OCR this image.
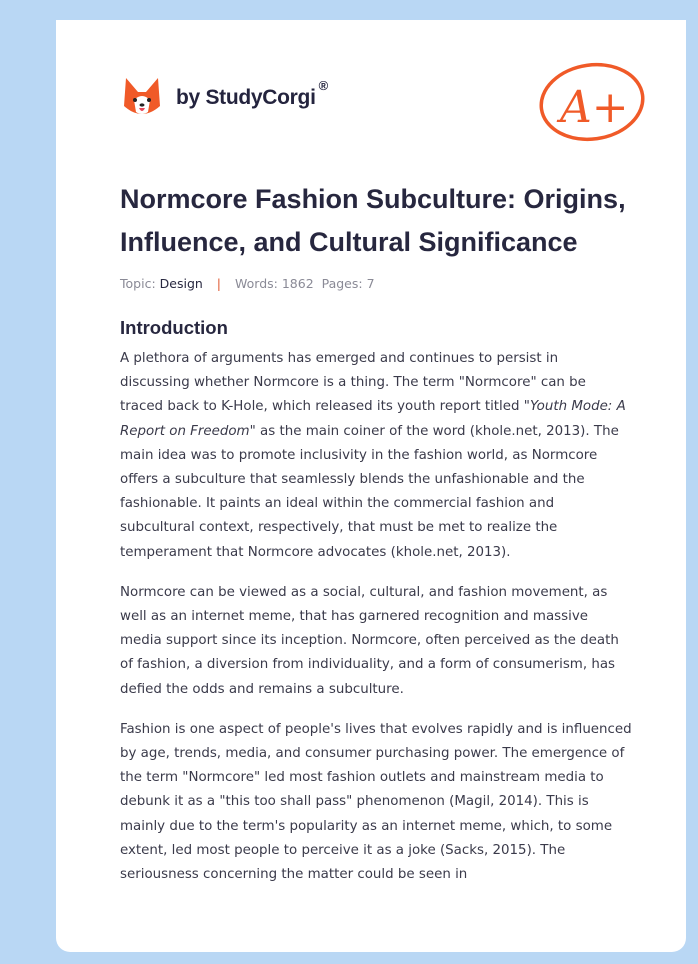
by StudyCorgi®	A+
Normcore Fashion Subculture: Origins, Influence, and Cultural Significance
Topic: Design | Words: 1862 Pages: 7
Introduction

A plethora of arguments has emerged and continues to persist in discussing whether Normcore is a thing. The term "Normcore" can be traced back to K-Hole, which released its youth report titled "Youth Mode: A Report on Freedom" as the main coiner of the word (khole.net, 2013). The main idea was to promote inclusivity in the fashion world, as Normcore offers a subculture that seamlessly blends the unfashionable and the fashionable. It paints an ideal within the commercial fashion and subcultural context, respectively, that must be met to realize the temperament that Normcore advocates (khole.net, 2013).

Normcore can be viewed as a social, cultural, and fashion movement, as well as an internet meme, that has garnered recognition and massive media support since its inception. Normcore, often perceived as the death of fashion, a diversion from individuality, and a form of consumerism, has defied the odds and remains a subculture.

Fashion is one aspect of people's lives that evolves rapidly and is influenced by age, trends, media, and consumer purchasing power. The emergence of the term "Normcore" led most fashion outlets and mainstream media to debunk it as a "this too shall pass" phenomenon (Magil, 2014). This is mainly due to the term's popularity as an internet meme, which, to some extent, led most people to perceive it as a joke (Sacks, 2015). The seriousness concerning the matter could be seen in
